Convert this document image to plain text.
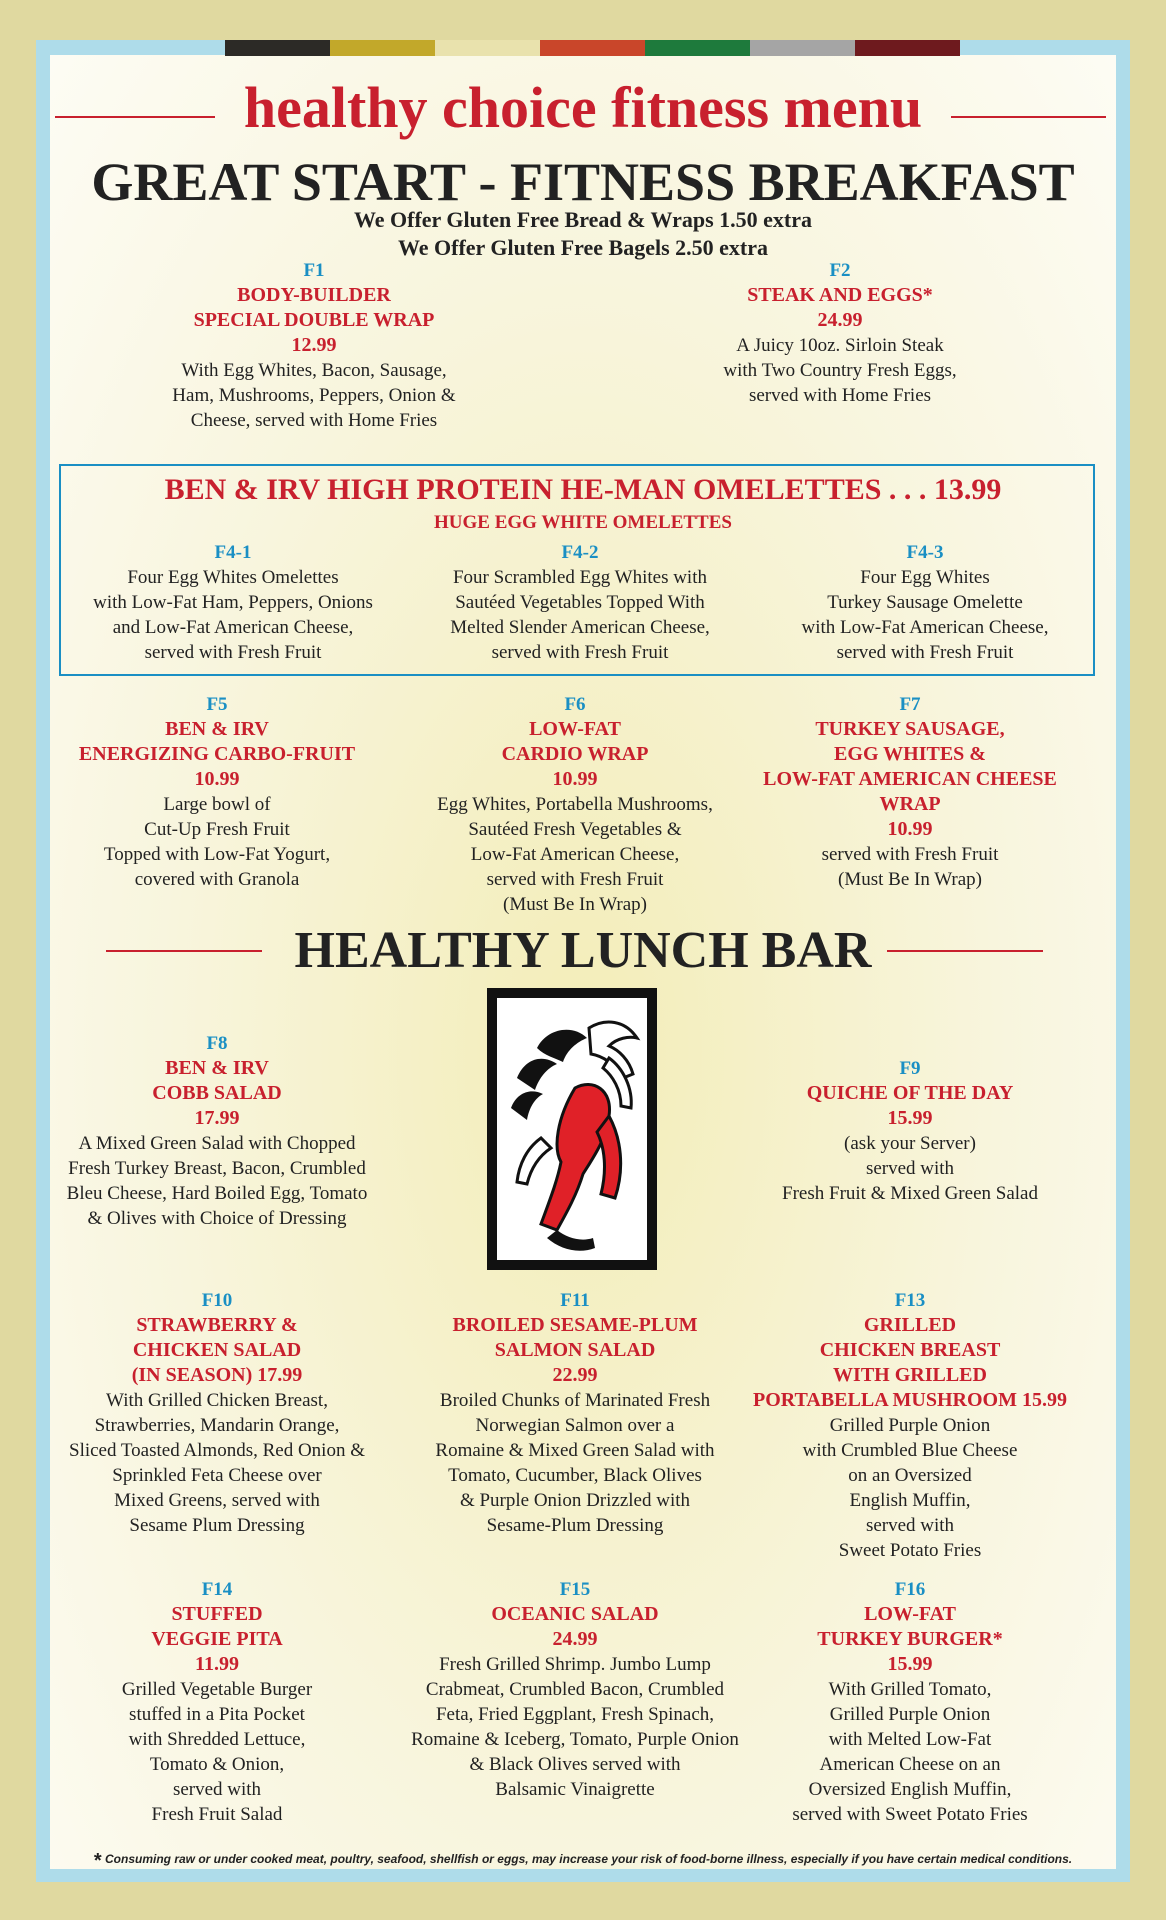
healthy choice fitness menu
GREAT START - FITNESS BREAKFAST
We Offer Gluten Free Bread & Wraps 1.50 extra
We Offer Gluten Free Bagels 2.50 extra
F1
BODY-BUILDER
SPECIAL DOUBLE WRAP
12.99
With Egg Whites, Bacon, Sausage,
Ham, Mushrooms, Peppers, Onion &
Cheese, served with Home Fries
F2
STEAK AND EGGS*
24.99
A Juicy 10oz. Sirloin Steak
with Two Country Fresh Eggs,
served with Home Fries
BEN & IRV HIGH PROTEIN HE-MAN OMELETTES . . . 13.99
HUGE EGG WHITE OMELETTES
F4-1
Four Egg Whites Omelettes
with Low-Fat Ham, Peppers, Onions
and Low-Fat American Cheese,
served with Fresh Fruit
F4-2
Four Scrambled Egg Whites with
Sautéed Vegetables Topped With
Melted Slender American Cheese,
served with Fresh Fruit
F4-3
Four Egg Whites
Turkey Sausage Omelette
with Low-Fat American Cheese,
served with Fresh Fruit
F5
BEN & IRV
ENERGIZING CARBO-FRUIT
10.99
Large bowl of
Cut-Up Fresh Fruit
Topped with Low-Fat Yogurt,
covered with Granola
F6
LOW-FAT
CARDIO WRAP
10.99
Egg Whites, Portabella Mushrooms,
Sautéed Fresh Vegetables &
Low-Fat American Cheese,
served with Fresh Fruit
(Must Be In Wrap)
F7
TURKEY SAUSAGE,
EGG WHITES &
LOW-FAT AMERICAN CHEESE
WRAP
10.99
served with Fresh Fruit
(Must Be In Wrap)
HEALTHY LUNCH BAR
F8
BEN & IRV
COBB SALAD
17.99
A Mixed Green Salad with Chopped
Fresh Turkey Breast, Bacon, Crumbled
Bleu Cheese, Hard Boiled Egg, Tomato
& Olives with Choice of Dressing
F9
QUICHE OF THE DAY
15.99
(ask your Server)
served with
Fresh Fruit & Mixed Green Salad
F10
STRAWBERRY &
CHICKEN SALAD
(IN SEASON) 17.99
With Grilled Chicken Breast,
Strawberries, Mandarin Orange,
Sliced Toasted Almonds, Red Onion &
Sprinkled Feta Cheese over
Mixed Greens, served with
Sesame Plum Dressing
F11
BROILED SESAME-PLUM
SALMON SALAD
22.99
Broiled Chunks of Marinated Fresh
Norwegian Salmon over a
Romaine & Mixed Green Salad with
Tomato, Cucumber, Black Olives
& Purple Onion Drizzled with
Sesame-Plum Dressing
F13
GRILLED
CHICKEN BREAST
WITH GRILLED
PORTABELLA MUSHROOM 15.99
Grilled Purple Onion
with Crumbled Blue Cheese
on an Oversized
English Muffin,
served with
Sweet Potato Fries
F14
STUFFED
VEGGIE PITA
11.99
Grilled Vegetable Burger
stuffed in a Pita Pocket
with Shredded Lettuce,
Tomato & Onion,
served with
Fresh Fruit Salad
F15
OCEANIC SALAD
24.99
Fresh Grilled Shrimp. Jumbo Lump
Crabmeat, Crumbled Bacon, Crumbled
Feta, Fried Eggplant, Fresh Spinach,
Romaine & Iceberg, Tomato, Purple Onion
& Black Olives served with
Balsamic Vinaigrette
F16
LOW-FAT
TURKEY BURGER*
15.99
With Grilled Tomato,
Grilled Purple Onion
with Melted Low-Fat
American Cheese on an
Oversized English Muffin,
served with Sweet Potato Fries
* Consuming raw or under cooked meat, poultry, seafood, shellfish or eggs, may increase your risk of food-borne illness, especially if you have certain medical conditions.
